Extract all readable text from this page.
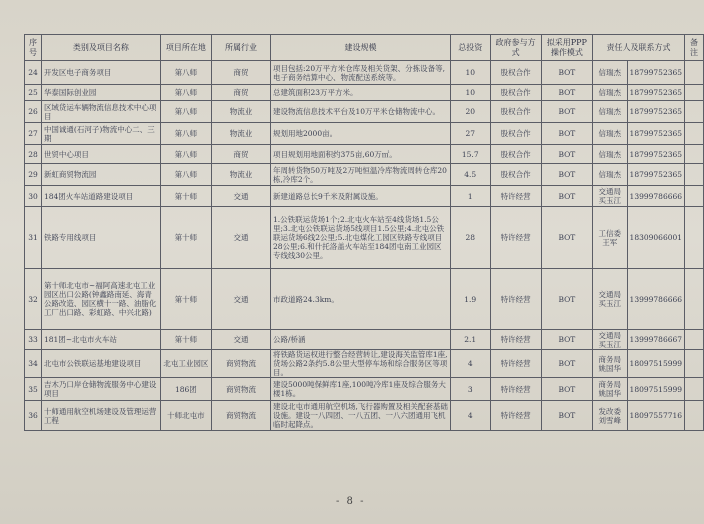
序号	类别及项目名称	项目所在地	所属行业	建设规模	总投资	政府参与方式	拟采用PPP操作模式	责任人及联系方式		备注
24	开发区电子商务项目	第八师	商贸	项目包括:20万平方米仓库及相关货架、分拣设备等,电子商务结算中心、物流配送系统等。	10	股权合作	BOT	信瑞杰	18799752365	
25	华泰国际创业园	第八师	商贸	总建筑面积23万平方米。	10	股权合作	BOT	信瑞杰	18799752365	
26	区域货运车辆物流信息技术中心项目	第八师	物流业	建设物流信息技术平台及10万平米仓储物流中心。	20	股权合作	BOT	信瑞杰	18799752365	
27	中国诚通(石河子)物流中心二、三期	第八师	物流业	规划用地2000亩。	27	股权合作	BOT	信瑞杰	18799752365	
28	世贸中心项目	第八师	商贸	项目规划用地面积约375亩,60万㎡。	15.7	股权合作	BOT	信瑞杰	18799752365	
29	新虹商贸物流园	第八师	物流业	年周转货物50万吨及2万吨恒温冷库物流周转仓库20栋,冷库2个。	4.5	股权合作	BOT	信瑞杰	18799752365	
30	184团火车站道路建设项目	第十师	交通	新建道路总长9千米及附属设施。	1	特许经营	BOT	交通局买玉江	13999786666	
31	铁路专用线项目	第十师	交通	1.公铁联运货场1个;2.北屯火车站至4线货场1.5公里;3.北屯公铁联运货场5线项目1.5公里;4.北屯公铁联运货场6线2公里;5.北屯煤化工园区铁路专线项目28公里;6.和什托洛盖火车站至184团屯南工业园区专线线30公里。	28	特许经营	BOT	工信委王军	18309066001	
32	第十师北屯市~福阿高速北屯工业园区出口公路(钟鑫路南延、海青公路改造、园区横十一路、油脂化工厂出口路、彩虹路、中兴北路)	第十师	交通	市政道路24.3km。	1.9	特许经营	BOT	交通局买玉江	13999786666	
33	181团~北屯市火车站	第十师	交通	公路/桥涵	2.1	特许经营	BOT	交通局买玉江	13999786667	
34	北屯市公铁联运基地建设项目	北屯工业园区	商贸物流	将铁路货运权进行整合经营转让,建设海关监管库1座,货场公路2条约5.8公里大型停车场和综合服务区等项目。	4	特许经营	BOT	商务局姚国华	18097515999	
35	吉木乃口岸仓储物流服务中心建设项目	186团	商贸物流	建设5000吨保鲜库1座,100吨冷库1座及综合服务大楼1栋。	3	特许经营	BOT	商务局姚国华	18097515999	
36	十师通用航空机场建设及管理运营工程	十师北屯市	商贸物流	建设北屯市通用航空机场,飞行器购置及相关配套基础设施。建设一八四团、一八五团、一八六团通用飞机临时起降点。	4	特许经营	BOT	发改委刘雪峰	18097557716	
- 8 -
